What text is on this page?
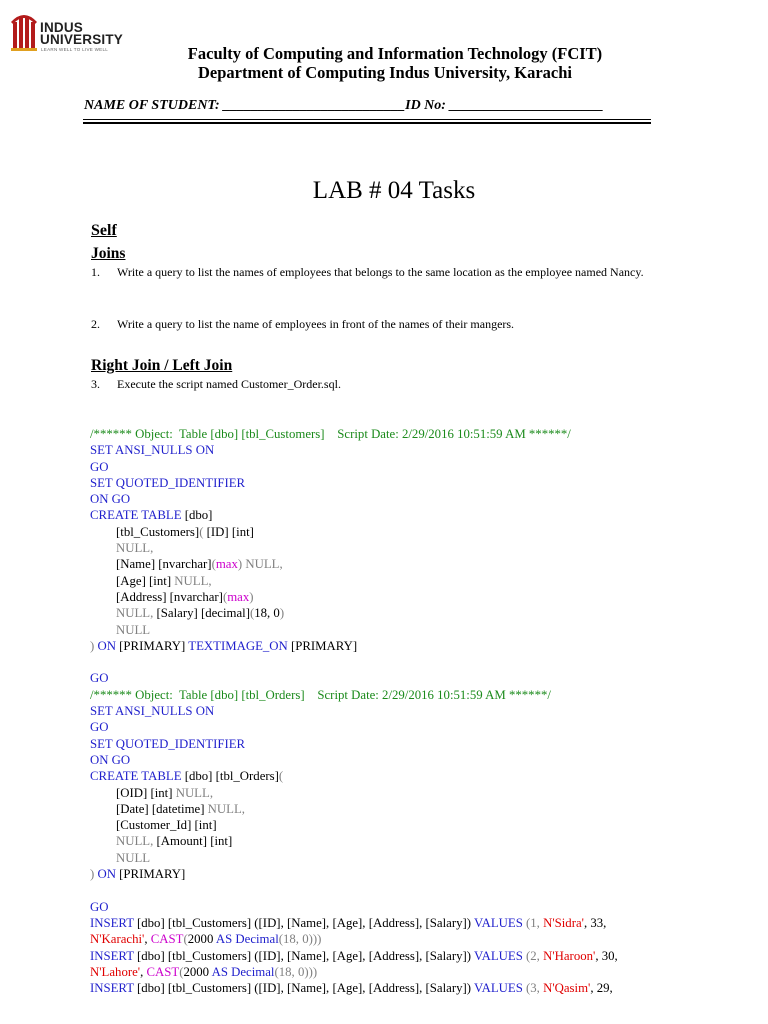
INDUS
UNIVERSITY
LEARN WELL TO LIVE WELL	Faculty of Computing and Information Technology (FCIT)
Department of Computing Indus University, Karachi
NAME OF STUDENT: __________________________ID No: ______________________
LAB # 04 Tasks
Self
Joins
1. Write a query to list the names of employees that belongs to the same location as the employee named Nancy.
2. Write a query to list the name of employees in front of the names of their mangers.
Right Join / Left Join
3. Execute the script named Customer_Order.sql.
/****** Object:  Table [dbo] [tbl_Customers]    Script Date: 2/29/2016 10:51:59 AM ******/
SET ANSI_NULLS ON
GO
SET QUOTED_IDENTIFIER
ON GO
CREATE TABLE [dbo]
[tbl_Customers]( [ID] [int]
NULL,
[Name] [nvarchar](max) NULL,
[Age] [int] NULL,
[Address] [nvarchar](max)
NULL, [Salary] [decimal](18, 0)
NULL
) ON [PRIMARY] TEXTIMAGE_ON [PRIMARY]
GO
/****** Object:  Table [dbo] [tbl_Orders]    Script Date: 2/29/2016 10:51:59 AM ******/
SET ANSI_NULLS ON
GO
SET QUOTED_IDENTIFIER
ON GO
CREATE TABLE [dbo] [tbl_Orders](
[OID] [int] NULL,
[Date] [datetime] NULL,
[Customer_Id] [int]
NULL, [Amount] [int]
NULL
) ON [PRIMARY]
GO
INSERT [dbo] [tbl_Customers] ([ID], [Name], [Age], [Address], [Salary]) VALUES (1, N'Sidra', 33,
N'Karachi', CAST(2000 AS Decimal(18, 0)))
INSERT [dbo] [tbl_Customers] ([ID], [Name], [Age], [Address], [Salary]) VALUES (2, N'Haroon', 30,
N'Lahore', CAST(2000 AS Decimal(18, 0)))
INSERT [dbo] [tbl_Customers] ([ID], [Name], [Age], [Address], [Salary]) VALUES (3, N'Qasim', 29,
